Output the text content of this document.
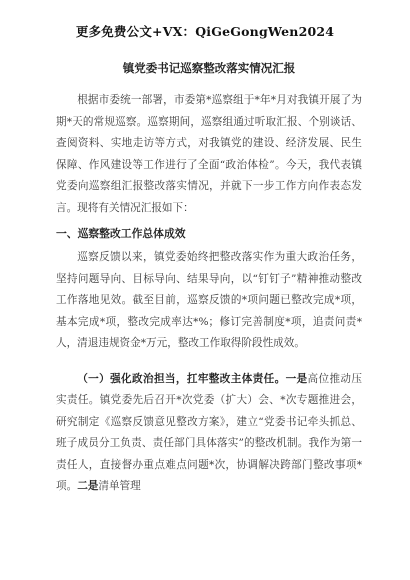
更多免费公文+VX：QiGeGongWen2024
镇党委书记巡察整改落实情况汇报

根据市委统一部署，市委第*巡察组于*年*月对我镇开展了为期*天的常规巡察。巡察期间，巡察组通过听取汇报、个别谈话、查阅资料、实地走访等方式，对我镇党的建设、经济发展、民生保障、作风建设等工作进行了全面“政治体检”。今天，我代表镇党委向巡察组汇报整改落实情况，并就下一步工作方向作表态发言。现将有关情况汇报如下：

一、巡察整改工作总体成效

巡察反馈以来，镇党委始终把整改落实作为重大政治任务，坚持问题导向、目标导向、结果导向，以“钉钉子”精神推动整改工作落地见效。截至目前，巡察反馈的*项问题已整改完成*项，基本完成*项，整改完成率达*%；修订完善制度*项，追责问责*人，清退违规资金*万元，整改工作取得阶段性成效。

（一）强化政治担当，扛牢整改主体责任。一是高位推动压实责任。镇党委先后召开*次党委（扩大）会、*次专题推进会，研究制定《巡察反馈意见整改方案》，建立“党委书记牵头抓总、班子成员分工负责、责任部门具体落实”的整改机制。我作为第一责任人，直接督办重点难点问题*次，协调解决跨部门整改事项*项。二是清单管理
